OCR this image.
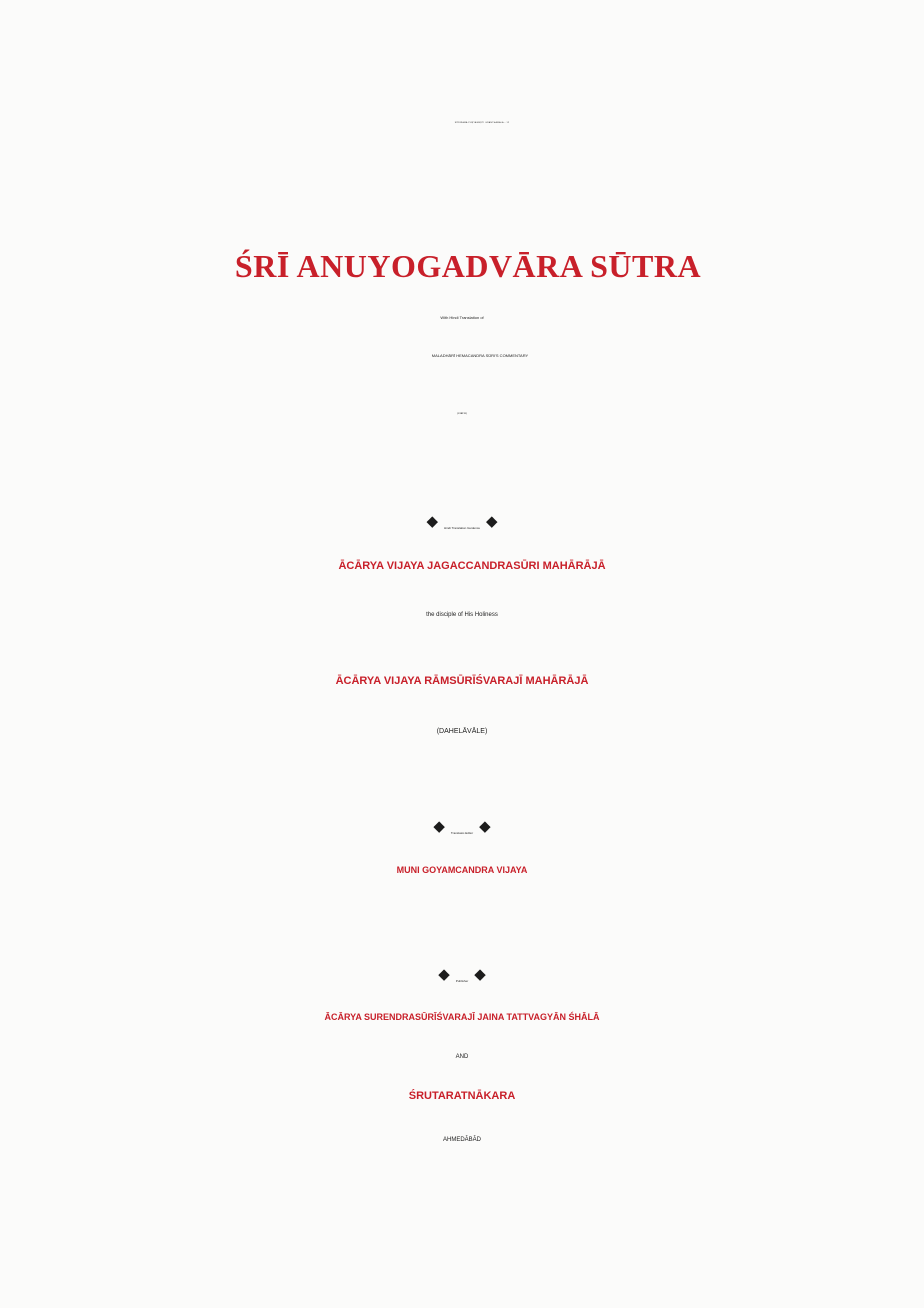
SŪRIRĀMA PUṆYASMṚTI GRANTHAMĀLĀ - 12
ŚRĪ ANUYOGADVĀRA SŪTRA
With Hindi Translation of
MALADHĀRĪ HEMACANDRA SŪRI'S COMMENTARY
[ PART II ]
◆ Hindi Translation Guidence ◆
ĀCĀRYA VIJAYA JAGACCANDRASŪRI MAHĀRĀJĀ
the disciple of His Holiness
ĀCĀRYA VIJAYA RĀMSŪRĪŚVARAJĪ MAHĀRĀJĀ
(DAHELĀVĀLE)
◆ Translator-Editor ◆
MUNI GOYAMCANDRA VIJAYA
◆ Publisher ◆
ĀCĀRYA SURENDRASŪRĪŚVARAJĪ JAINA TATTVAGYĀN ŚHĀLĀ
AND
ŚRUTARATNĀKARA
AHMEDĀBĀD
